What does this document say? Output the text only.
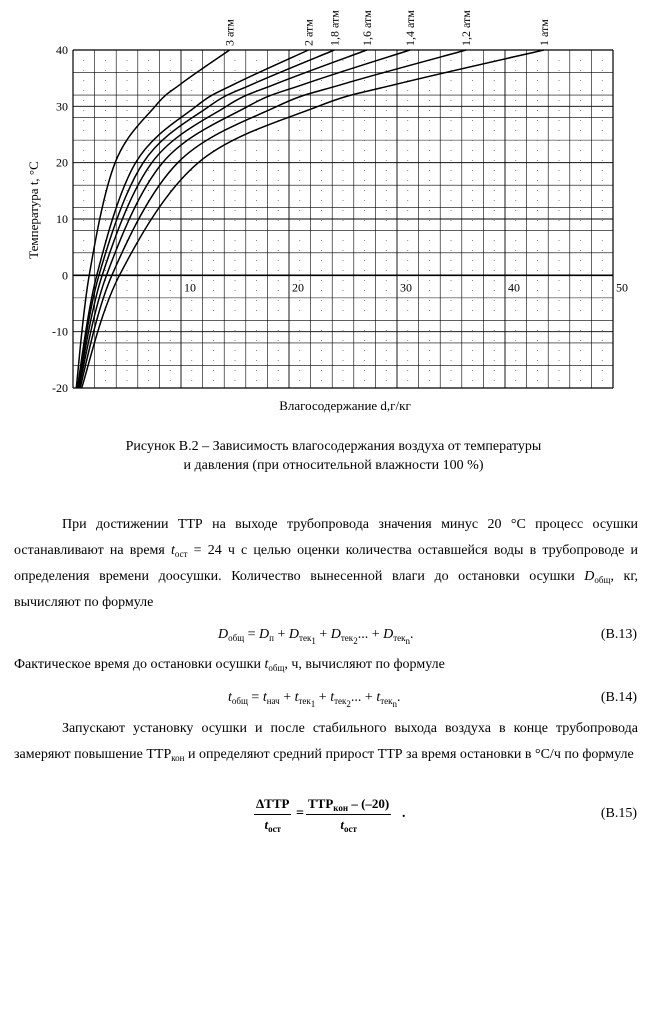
3 атм	2 атм 1,8 атм 1,6 атм 1,4 атм	1,2 атм	1 атм
10	20	30	40	50
40
30
20
10
0
-10
-20
Влагосодержание d,г/кг
Температура t, °С
Рисунок В.2 – Зависимость влагосодержания воздуха от температуры
и давления (при относительной влажности 100 %)
При достижении ТТР на выходе трубопровода значения минус 20 °С процесс осушки останавливают на время $t_{ост} = 24$ ч с целью оценки количества оставшейся воды в трубопроводе и определения времени доосушки. Количество вынесенной влаги до остановки осушки $D_{общ}$, кг, вычисляют по формуле
$D_{общ} = D_п + D_{тек_1} + D_{тек_2}$... + $D_{тек_n}$.	(В.13)
Фактическое время до остановки осушки $t_{общ}$, ч, вычисляют по формуле
$t_{общ} = t_{нач} + t_{тек_1} + t_{тек_2}$... + $t_{тек_n}$.	(В.14)
Запускают установку осушки и после стабильного выхода воздуха в конце трубопровода замеряют повышение $ТТР_{кон}$ и определяют средний прирост ТТР за время остановки в °С/ч по формуле
ΔТТР
$t_{ост}$
=
$ТТР_{кон} - (-20)$
$t_{ост}$
.	(В.15)
